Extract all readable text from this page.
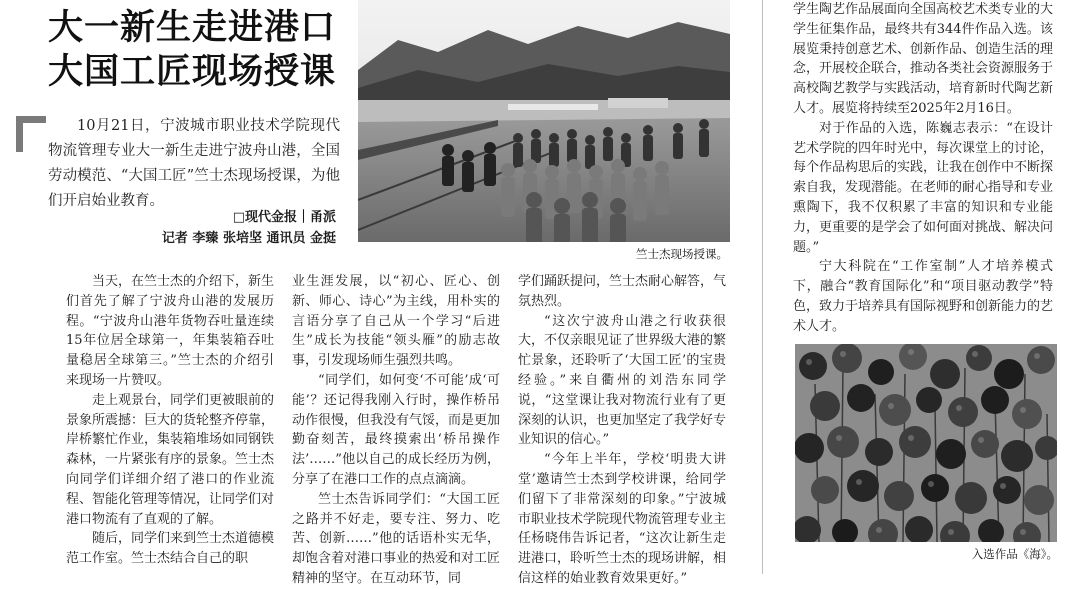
大一新生走进港口
大国工匠现场授课
10月21日，宁波城市职业技术学院现代物流管理专业大一新生走进宁波舟山港，全国劳动模范、“大国工匠”竺士杰现场授课，为他们开启始业教育。
□现代金报｜甬派
记者 李臻 张培坚 通讯员 金挺
竺士杰现场授课。

当天，在竺士杰的介绍下，新生们首先了解了宁波舟山港的发展历程。“宁波舟山港年货物吞吐量连续15年位居全球第一，年集装箱吞吐量稳居全球第三。”竺士杰的介绍引来现场一片赞叹。

走上观景台，同学们更被眼前的景象所震撼：巨大的货轮整齐停靠，岸桥繁忙作业，集装箱堆场如同钢铁森林，一片紧张有序的景象。竺士杰向同学们详细介绍了港口的作业流程、智能化管理等情况，让同学们对港口物流有了直观的了解。

随后，同学们来到竺士杰道德模范工作室。竺士杰结合自己的职

业生涯发展，以“初心、匠心、创新、师心、诗心”为主线，用朴实的言语分享了自己从一个学习“后进生”成长为技能“领头雁”的励志故事，引发现场师生强烈共鸣。

“同学们，如何变‘不可能’成‘可能’？还记得我刚入行时，操作桥吊动作很慢，但我没有气馁，而是更加勤奋刻苦，最终摸索出‘桥吊操作法’……”他以自己的成长经历为例，分享了在港口工作的点点滴滴。

竺士杰告诉同学们：“大国工匠之路并不好走，要专注、努力、吃苦、创新……”他的话语朴实无华，却饱含着对港口事业的热爱和对工匠精神的坚守。在互动环节，同

学们踊跃提问，竺士杰耐心解答，气氛热烈。

“这次宁波舟山港之行收获很大，不仅亲眼见证了世界级大港的繁忙景象，还聆听了‘大国工匠’的宝贵经验。”来自衢州的刘浩东同学说，“这堂课让我对物流行业有了更深刻的认识，也更加坚定了我学好专业知识的信心。”

“今年上半年，学校‘明贵大讲堂’邀请竺士杰到学校讲课，给同学们留下了非常深刻的印象。”宁波城市职业技术学院现代物流管理专业主任杨晓伟告诉记者，“这次让新生走进港口，聆听竺士杰的现场讲解，相信这样的始业教育效果更好。”

学生陶艺作品展面向全国高校艺术类专业的大学生征集作品，最终共有344件作品入选。该展览秉持创意艺术、创新作品、创造生活的理念，开展校企联合，推动各类社会资源服务于高校陶艺教学与实践活动，培育新时代陶艺新人才。展览将持续至2025年2月16日。

对于作品的入选，陈巍志表示：“在设计艺术学院的四年时光中，每次课堂上的讨论，每个作品构思后的实践，让我在创作中不断探索自我，发现潜能。在老师的耐心指导和专业熏陶下，我不仅积累了丰富的知识和专业能力，更重要的是学会了如何面对挑战、解决问题。”

宁大科院在“工作室制”人才培养模式下，融合“教育国际化”和“项目驱动教学”特色，致力于培养具有国际视野和创新能力的艺术人才。

入选作品《海》。
